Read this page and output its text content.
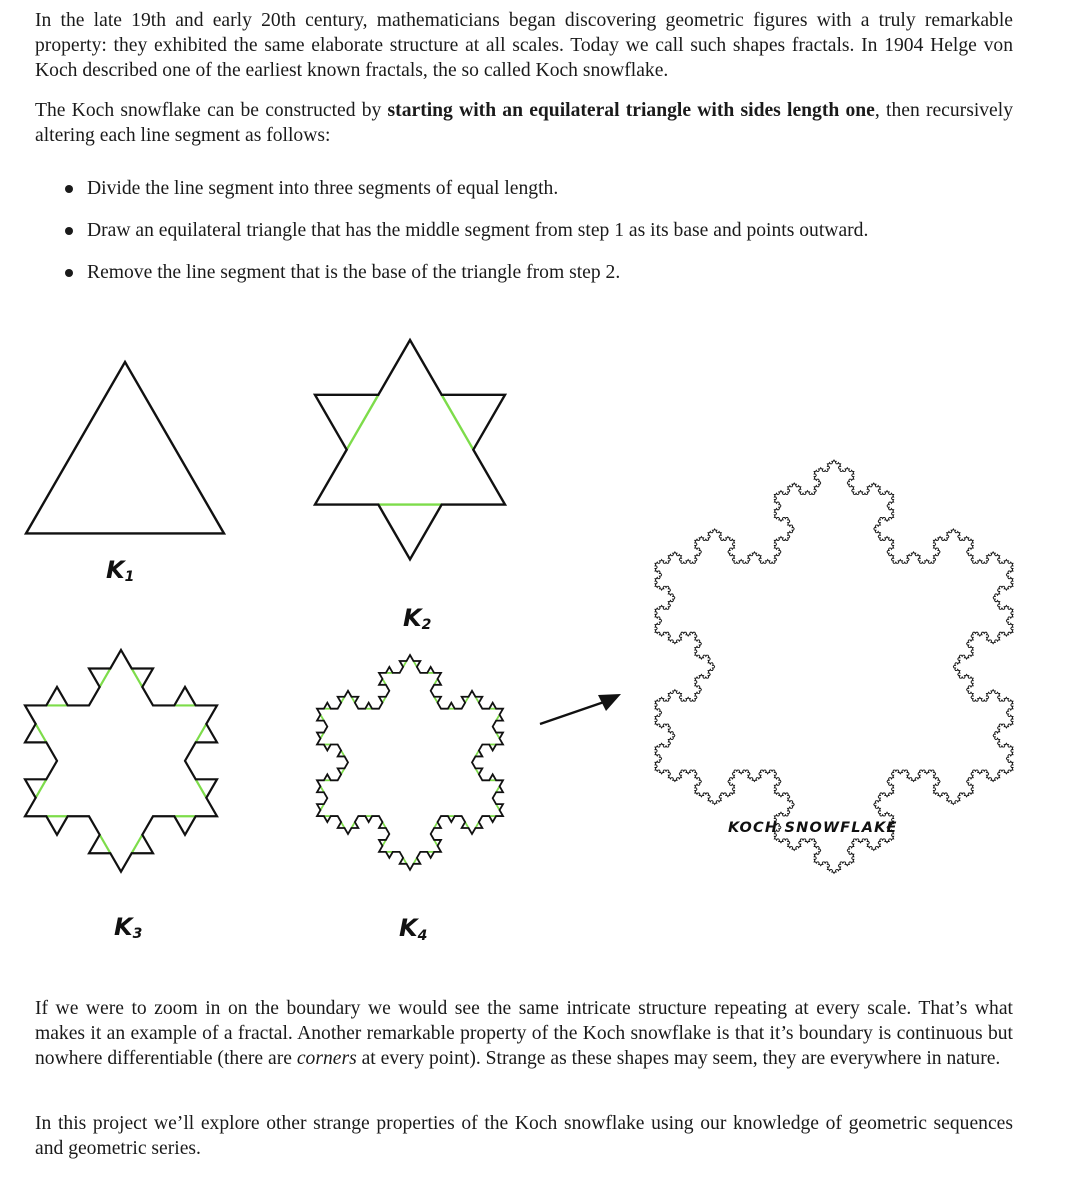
In the late 19th and early 20th century, mathematicians began discovering geometric figures with a truly remarkable property: they exhibited the same elaborate structure at all scales. Today we call such shapes fractals. In 1904 Helge von Koch described one of the earliest known fractals, the so called Koch snowflake.

The Koch snowflake can be constructed by starting with an equilateral triangle with sides length one, then recursively altering each line segment as follows:

Divide the line segment into three segments of equal length.
Draw an equilateral triangle that has the middle segment from step 1 as its base and points outward.
Remove the line segment that is the base of the triangle from step 2.
K1
K2
K3	K4
KOCH SNOWFLAKE

If we were to zoom in on the boundary we would see the same intricate structure repeating at every scale. That’s what makes it an example of a fractal. Another remarkable property of the Koch snowflake is that it’s boundary is continuous but nowhere differentiable (there are corners at every point). Strange as these shapes may seem, they are everywhere in nature.

In this project we’ll explore other strange properties of the Koch snowflake using our knowledge of geometric sequences and geometric series.
